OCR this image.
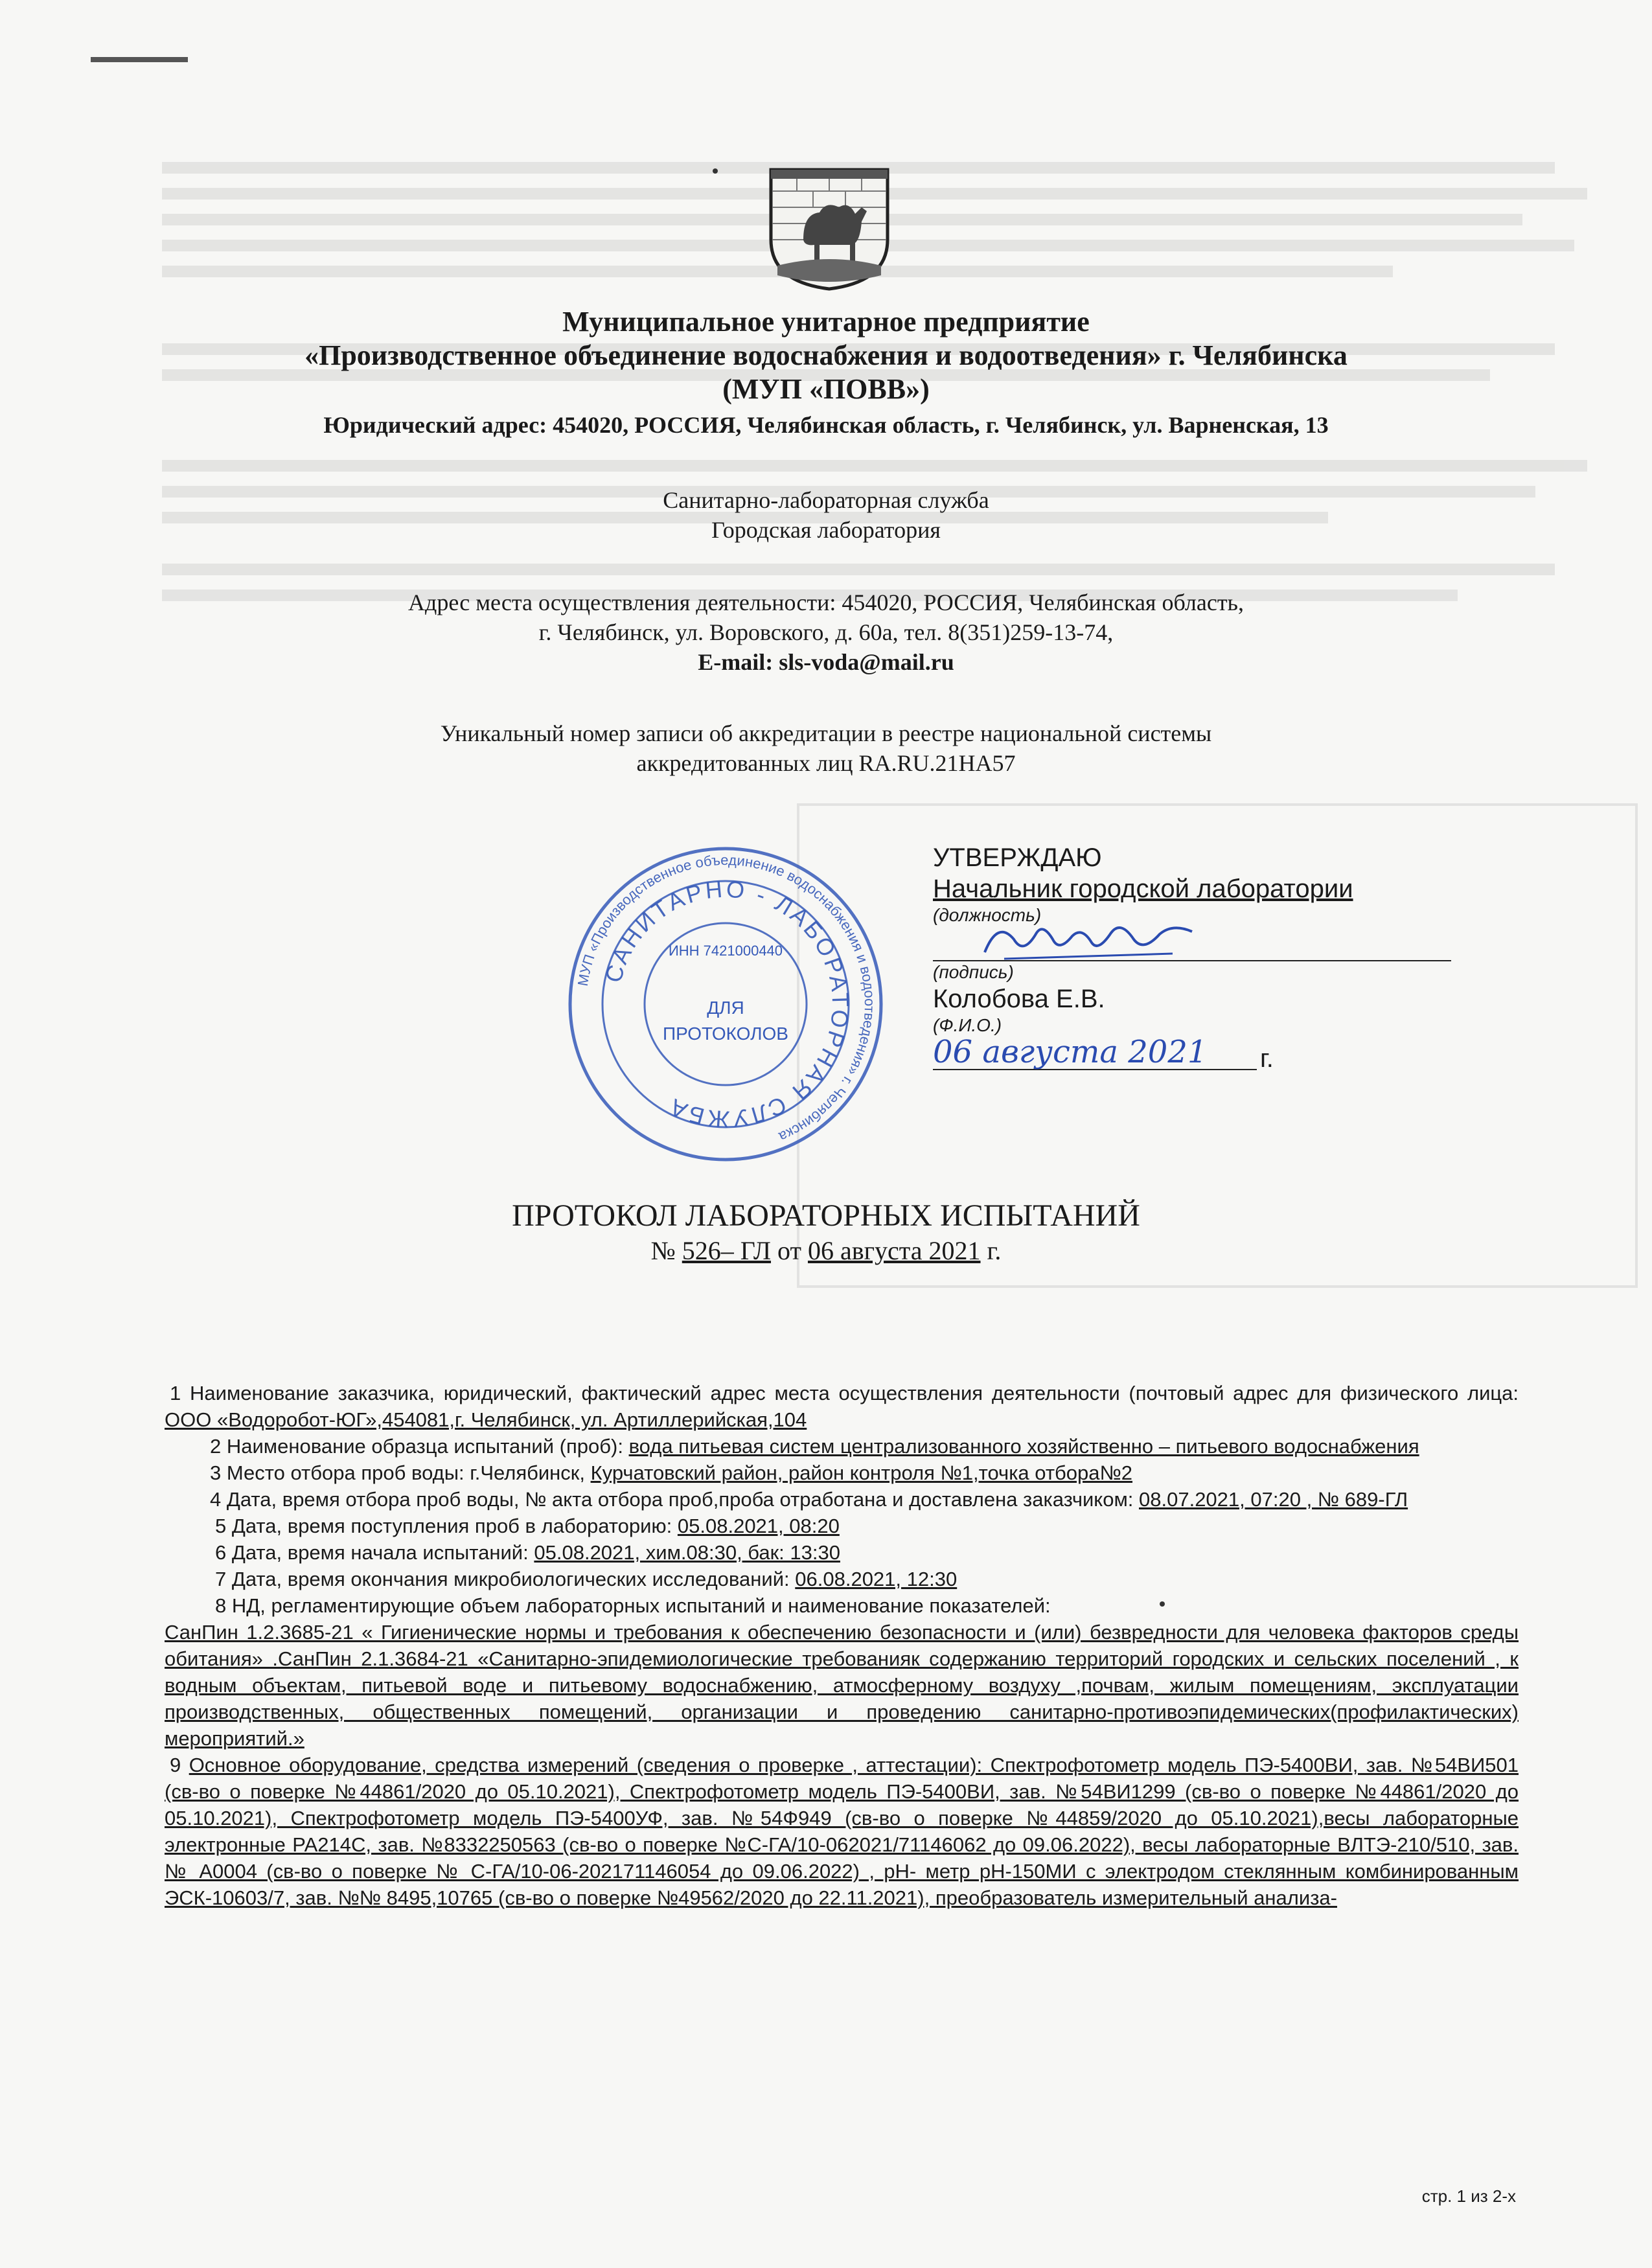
Муниципальное унитарное предприятие
«Производственное объединение водоснабжения и водоотведения» г. Челябинска
(МУП «ПОВВ»)
Юридический адрес: 454020, РОССИЯ, Челябинская область, г. Челябинск, ул. Варненская, 13
Санитарно-лабораторная служба
Городская лаборатория
Адрес места осуществления деятельности: 454020, РОССИЯ, Челябинская область,
г. Челябинск, ул. Воровского, д. 60а, тел. 8(351)259-13-74,
E-mail: sls-voda@mail.ru
Уникальный номер записи об аккредитации в реестре национальной системы
аккредитованных лиц RA.RU.21НА57
МУП «Производственное объединение водоснабжения и водоотведения» г. Челябинска
САНИТАРНО - ЛАБОРАТОРНАЯ СЛУЖБА
ИНН 7421000440
ДЛЯ
ПРОТОКОЛОВ
УТВЕРЖДАЮ
Начальник городской лаборатории
(должность)
(подпись)
Колобова Е.В.
(Ф.И.О.)
06 августа 2021 г.
ПРОТОКОЛ ЛАБОРАТОРНЫХ ИСПЫТАНИЙ
№ 526– ГЛ от 06 августа 2021 г.

1 Наименование заказчика, юридический, фактический адрес места осуществления деятельности (почтовый адрес для физического лица: ООО «Водоробот-ЮГ»,454081,г. Челябинск, ул. Артиллерийская,104

2 Наименование образца испытаний (проб): вода питьевая систем централизованного хозяйственно – питьевого водоснабжения

3 Место отбора проб воды: г.Челябинск, Курчатовский район, район контроля №1,точка отбора№2

4 Дата, время отбора проб воды, № акта отбора проб,проба отработана и доставлена заказчиком: 08.07.2021, 07:20 , № 689-ГЛ

5 Дата, время поступления проб в лабораторию: 05.08.2021, 08:20

6 Дата, время начала испытаний: 05.08.2021, хим.08:30, бак: 13:30

7 Дата, время окончания микробиологических исследований: 06.08.2021, 12:30

8 НД, регламентирующие объем лабораторных испытаний и наименование показателей:

СанПин 1.2.3685-21 « Гигиенические нормы и требования к обеспечению безопасности и (или) безвредности для человека факторов среды обитания» .СанПин 2.1.3684-21 «Санитарно-эпидемиологические требованияк содержанию территорий городских и сельских поселений , к водным объектам, питьевой воде и питьевому водоснабжению, атмосферному воздуху ,почвам, жилым помещениям, эксплуатации производственных, общественных помещений, организации и проведению санитарно-противоэпидемических(профилактических) мероприятий.»

9 Основное оборудование, средства измерений (сведения о проверке , аттестации): Спектрофотометр модель ПЭ-5400ВИ, зав. №54ВИ501 (св-во о поверке №44861/2020 до 05.10.2021), Спектрофотометр модель ПЭ-5400ВИ, зав. №54ВИ1299 (св-во о поверке №44861/2020 до 05.10.2021), Спектрофотометр модель ПЭ-5400УФ, зав. №54Ф949 (св-во о поверке №44859/2020 до 05.10.2021),весы лабораторные электронные PA214C, зав. №8332250563 (св-во о поверке №С-ГА/10-062021/71146062 до 09.06.2022), весы лабораторные ВЛТЭ-210/510, зав.№ А0004 (св-во о поверке № С-ГА/10-06-202171146054 до 09.06.2022) , рН- метр рН-150МИ с электродом стеклянным комбинированным ЭСК-10603/7, зав. №№ 8495,10765 (св-во о поверке №49562/2020 до 22.11.2021), преобразователь измерительный анализа-

стр. 1 из 2-х
